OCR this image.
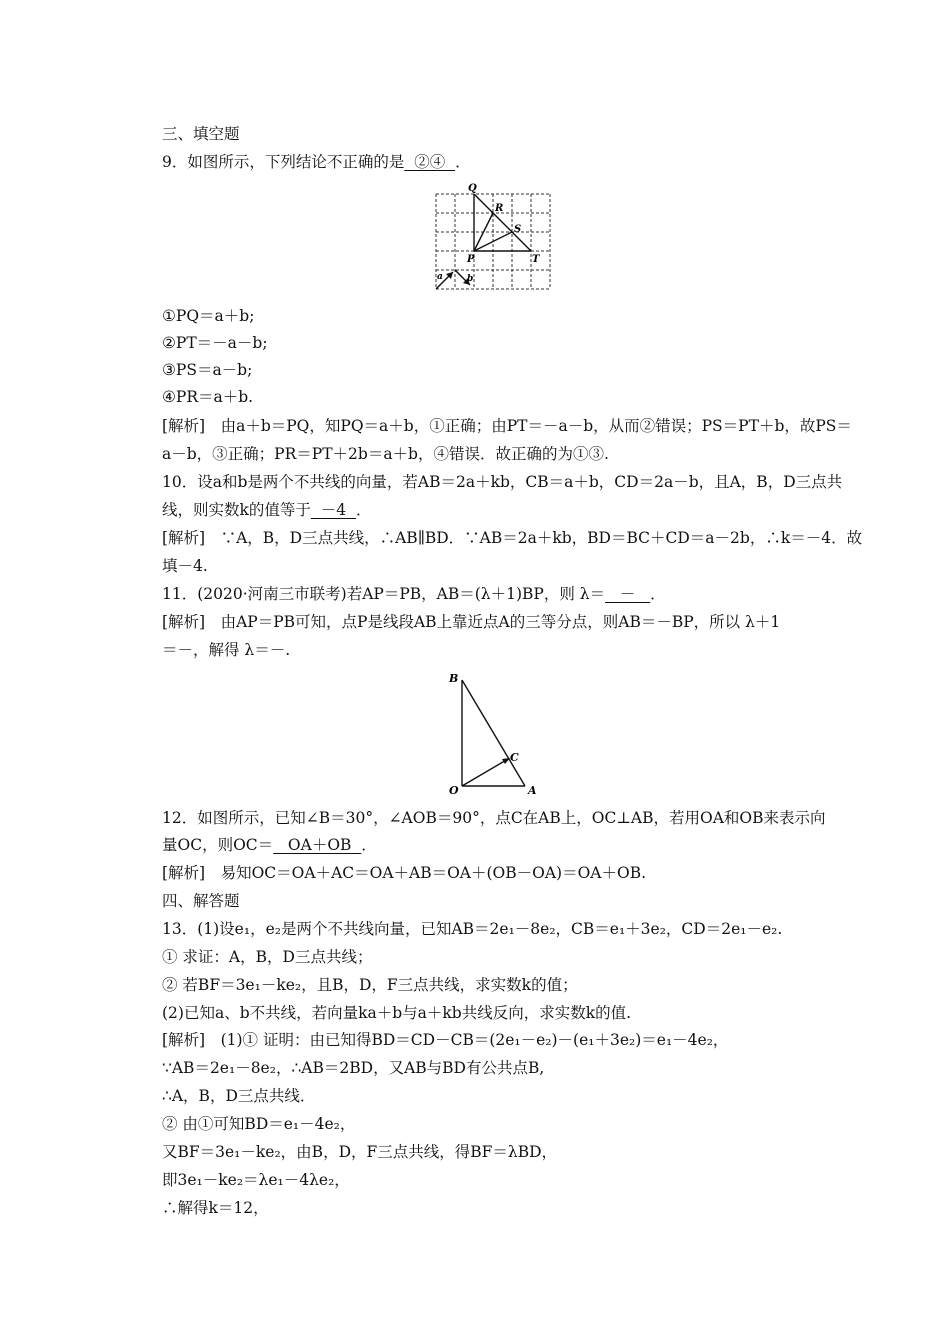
三、填空题
9．如图所示，下列结论不正确的是 ②④ ．
Q
R
S
P	T
a	b
①PQ＝a＋b;
②PT＝－a－b;
③PS＝a－b;
④PR＝a＋b.
[解析]　由a＋b＝PQ，知PQ＝a＋b，①正确；由PT＝－a－b，从而②错误；PS＝PT＋b，故PS＝
a－b，③正确；PR＝PT＋2b＝a＋b，④错误．故正确的为①③.
10．设a和b是两个不共线的向量，若AB＝2a＋kb，CB＝a＋b，CD＝2a－b，且A，B，D三点共
线，则实数k的值等于 －4 ．
[解析]　∵A，B，D三点共线，∴AB∥BD．∵AB＝2a＋kb，BD＝BC＋CD＝a－2b，∴k＝－4．故
填－4.
11．(2020·河南三市联考)若AP＝PB，AB＝(λ＋1)BP，则 λ＝ － ．
[解析]　由AP＝PB可知，点P是线段AB上靠近点A的三等分点，则AB＝－BP，所以 λ＋1
＝－，解得 λ＝－.
B
C
O	A
12．如图所示，已知∠B＝30°，∠AOB＝90°，点C在AB上，OC⊥AB，若用OA和OB来表示向
量OC，则OC＝ OA＋OB ．
[解析]　易知OC＝OA＋AC＝OA＋AB＝OA＋(OB－OA)＝OA＋OB.
四、解答题
13．(1)设e₁，e₂是两个不共线向量，已知AB＝2e₁－8e₂，CB＝e₁＋3e₂，CD＝2e₁－e₂.
① 求证：A，B，D三点共线；
② 若BF＝3e₁－ke₂，且B，D，F三点共线，求实数k的值；
(2)已知a、b不共线，若向量ka＋b与a＋kb共线反向，求实数k的值.
[解析]　(1)① 证明：由已知得BD＝CD－CB＝(2e₁－e₂)－(e₁＋3e₂)＝e₁－4e₂，
∵AB＝2e₁－8e₂，∴AB＝2BD，又AB与BD有公共点B,
∴A，B，D三点共线．
② 由①可知BD＝e₁－4e₂，
又BF＝3e₁－ke₂，由B，D，F三点共线，得BF＝λBD，
即3e₁－ke₂＝λe₁－4λe₂，
∴解得k＝12，
